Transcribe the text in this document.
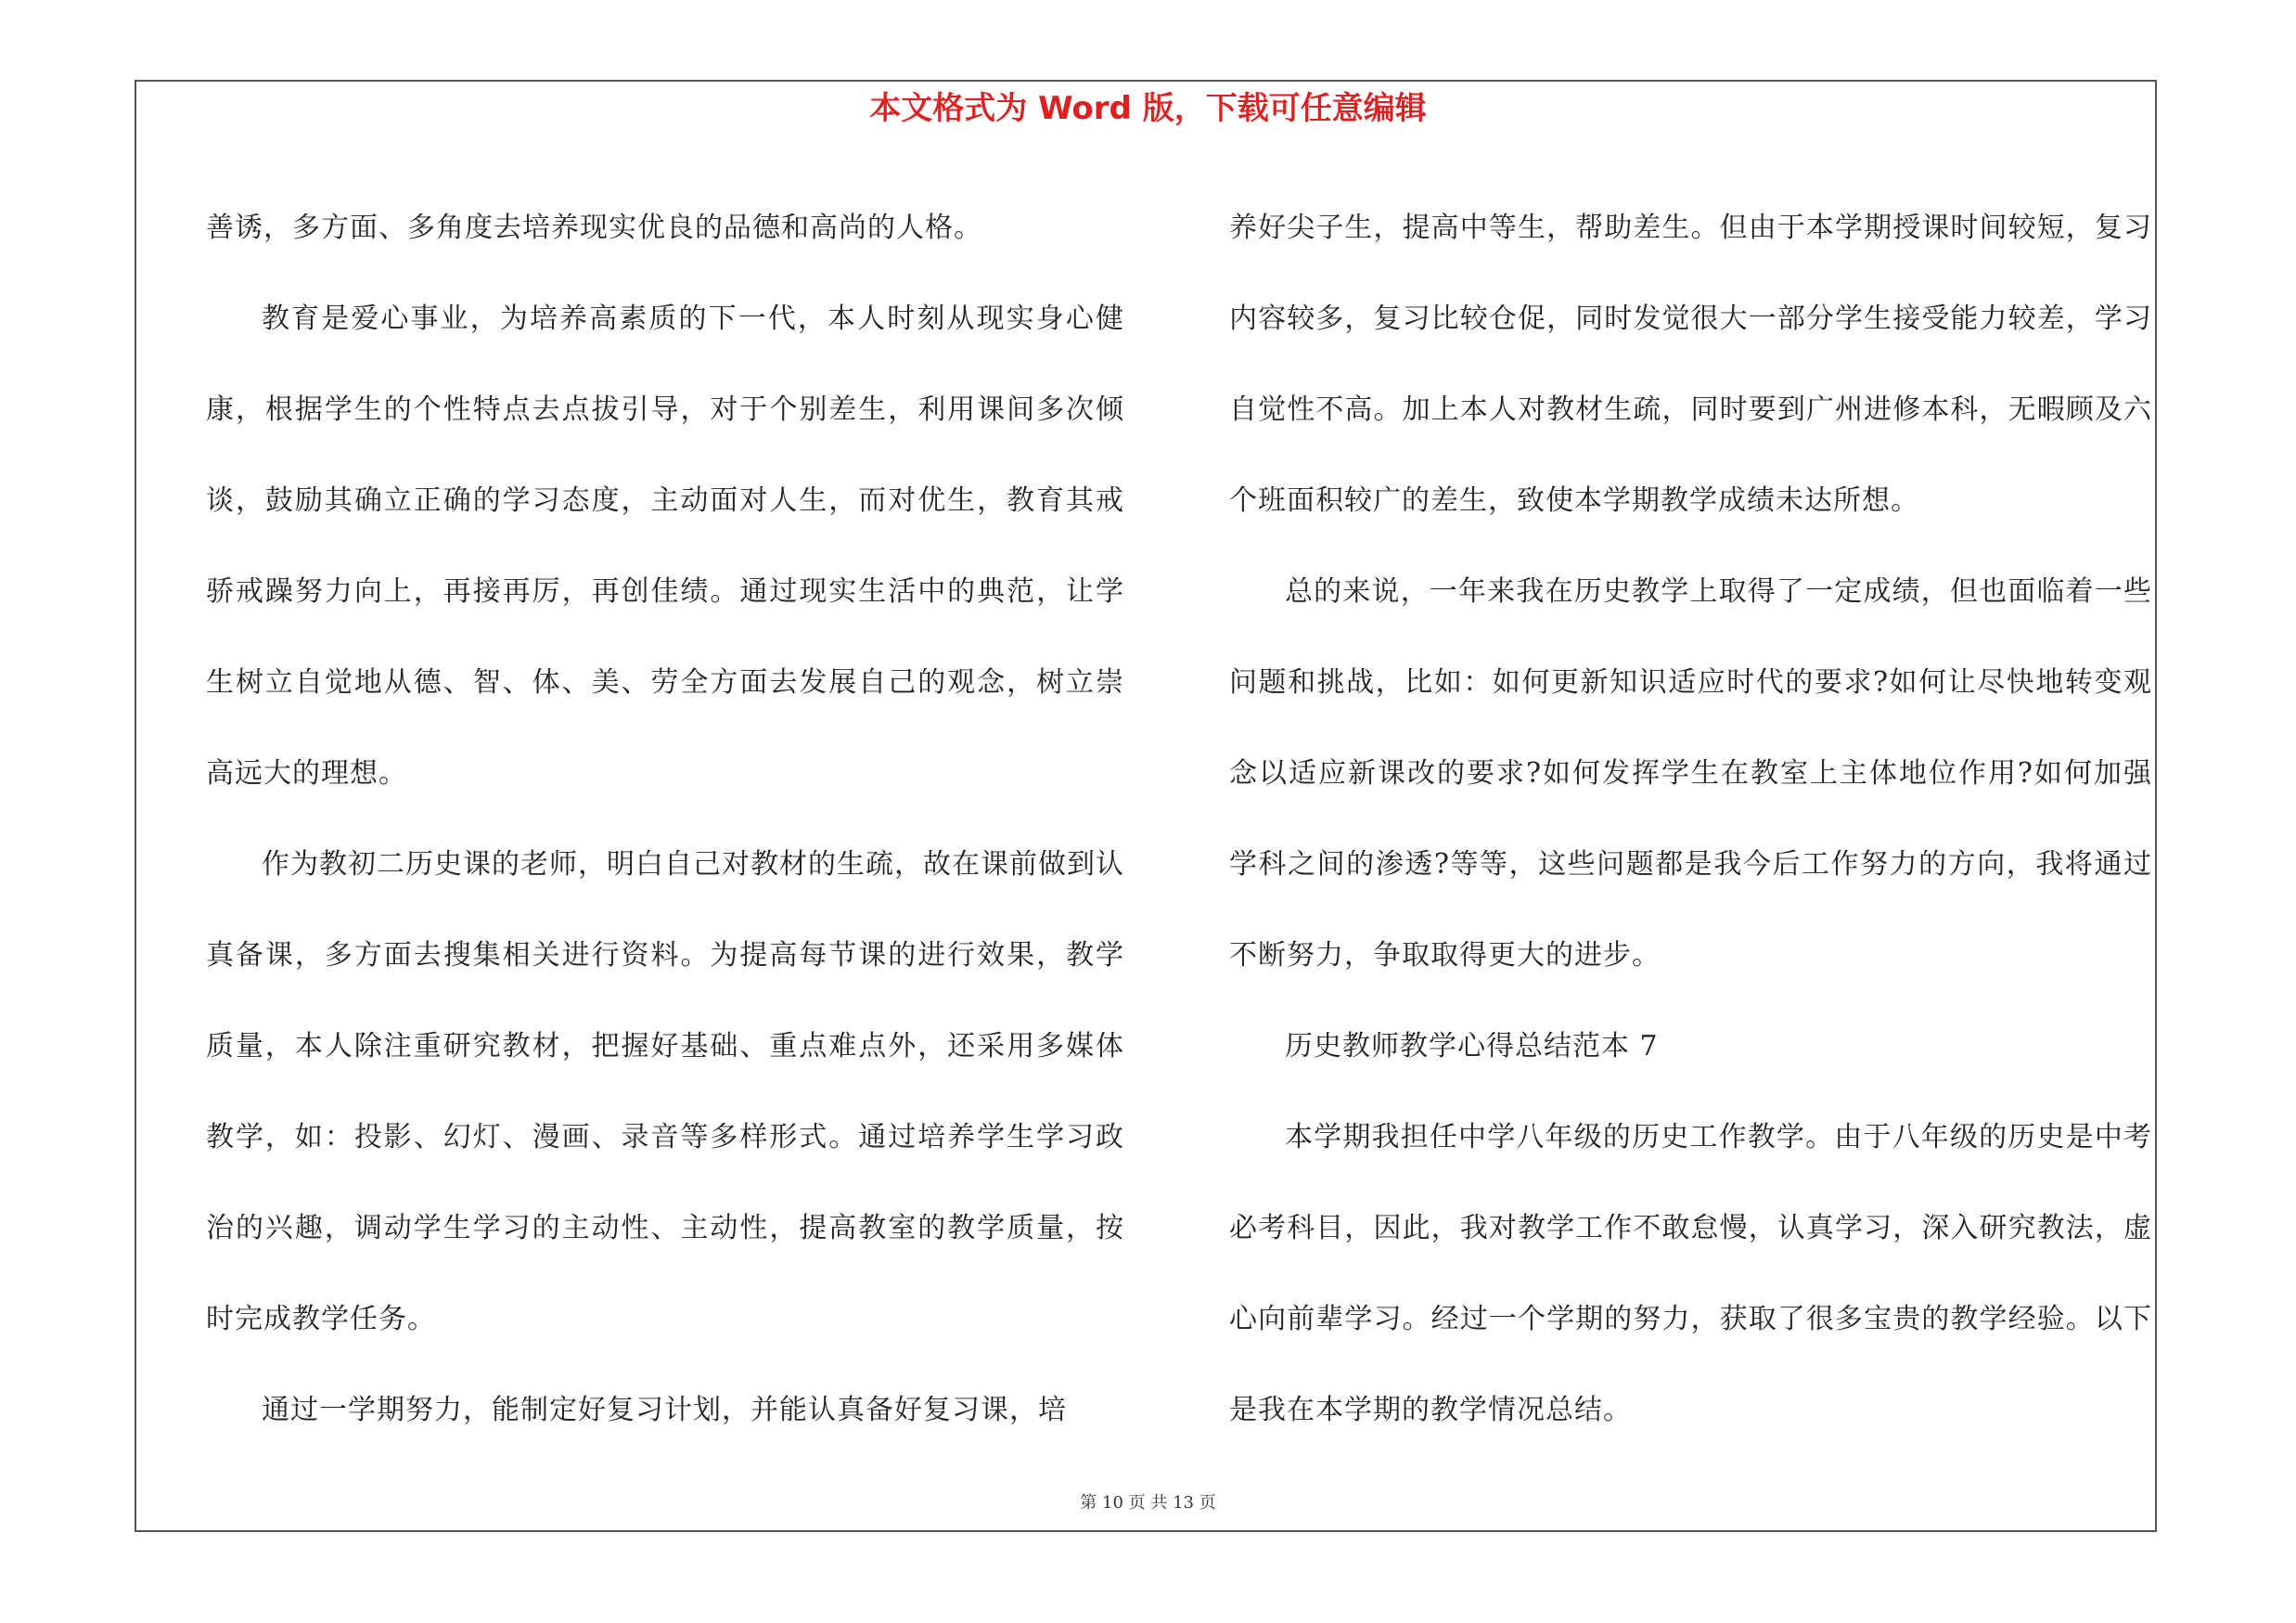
本文格式为 Word 版，下载可任意编辑

善诱，多方面、多角度去培养现实优良的品德和高尚的人格。

教育是爱心事业，为培养高素质的下一代，本人时刻从现实身心健康，根据学生的个性特点去点拔引导，对于个别差生，利用课间多次倾谈，鼓励其确立正确的学习态度，主动面对人生，而对优生，教育其戒骄戒躁努力向上，再接再厉，再创佳绩。通过现实生活中的典范，让学生树立自觉地从德、智、体、美、劳全方面去发展自己的观念，树立崇高远大的理想。

作为教初二历史课的老师，明白自己对教材的生疏，故在课前做到认真备课，多方面去搜集相关进行资料。为提高每节课的进行效果，教学质量，本人除注重研究教材，把握好基础、重点难点外，还采用多媒体教学，如：投影、幻灯、漫画、录音等多样形式。通过培养学生学习政治的兴趣，调动学生学习的主动性、主动性，提高教室的教学质量，按时完成教学任务。

通过一学期努力，能制定好复习计划，并能认真备好复习课，培

养好尖子生，提高中等生，帮助差生。但由于本学期授课时间较短，复习内容较多，复习比较仓促，同时发觉很大一部分学生接受能力较差，学习自觉性不高。加上本人对教材生疏，同时要到广州进修本科，无暇顾及六个班面积较广的差生，致使本学期教学成绩未达所想。

总的来说，一年来我在历史教学上取得了一定成绩，但也面临着一些问题和挑战，比如：如何更新知识适应时代的要求?如何让尽快地转变观念以适应新课改的要求?如何发挥学生在教室上主体地位作用?如何加强学科之间的渗透?等等，这些问题都是我今后工作努力的方向，我将通过不断努力，争取取得更大的进步。

历史教师教学心得总结范本 7

本学期我担任中学八年级的历史工作教学。由于八年级的历史是中考必考科目，因此，我对教学工作不敢怠慢，认真学习，深入研究教法，虚心向前辈学习。经过一个学期的努力，获取了很多宝贵的教学经验。以下是我在本学期的教学情况总结。

第 10 页 共 13 页
